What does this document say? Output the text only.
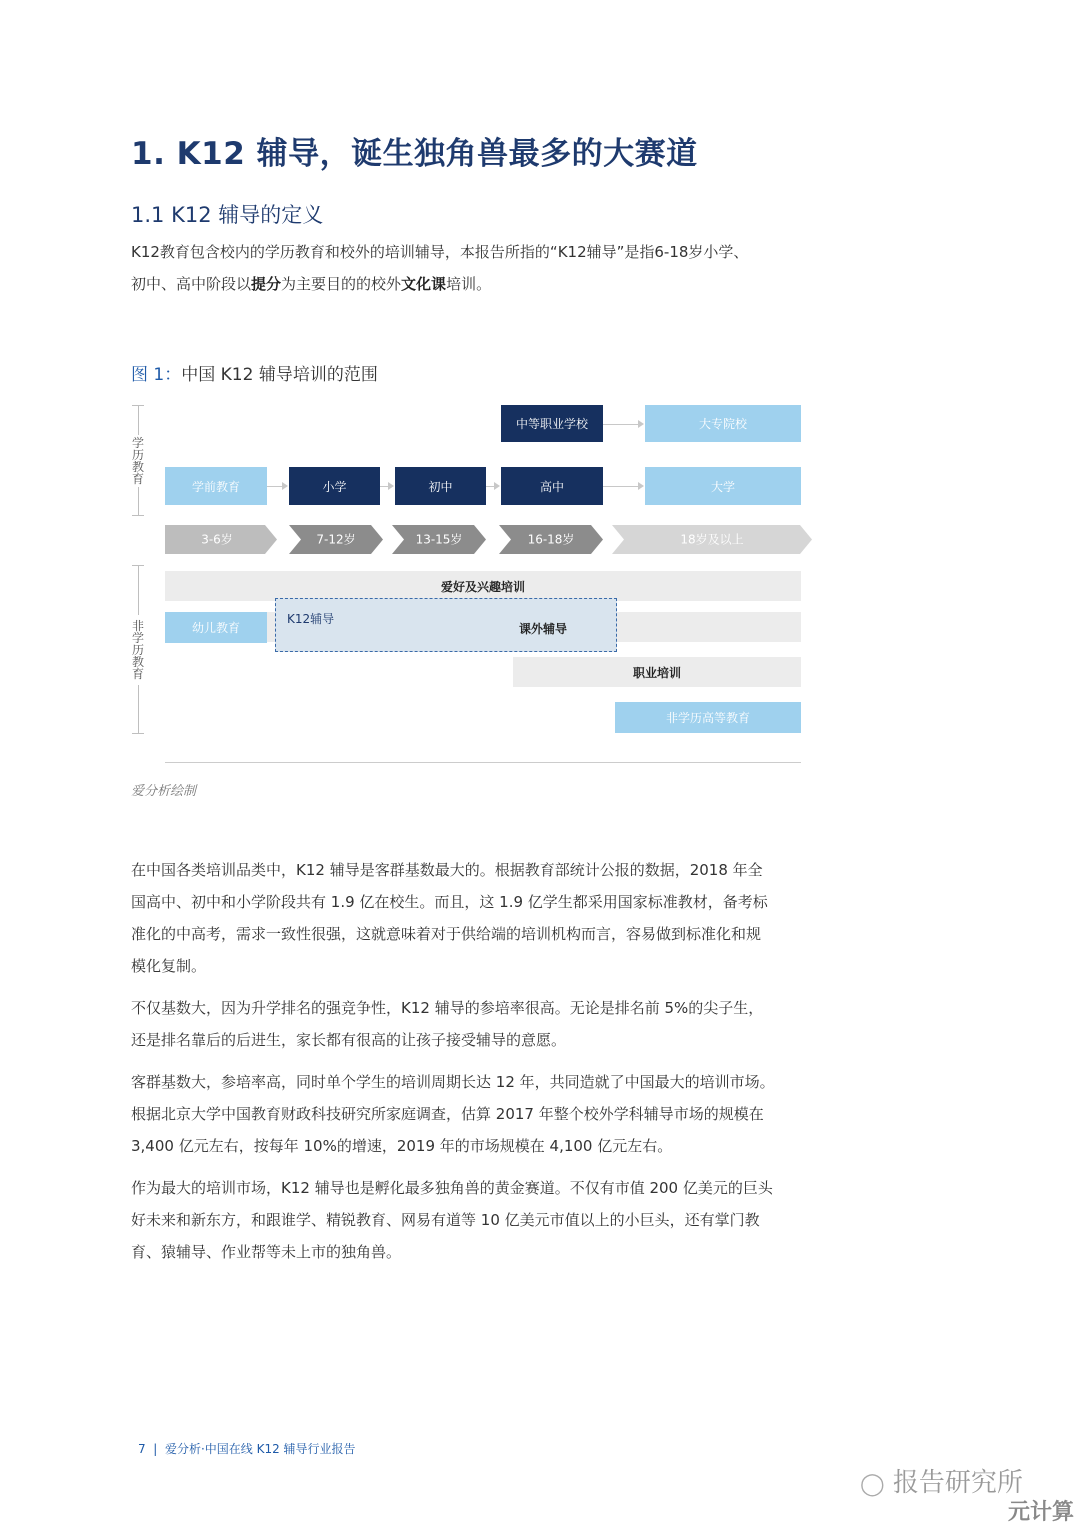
1. K12 辅导，诞生独角兽最多的大赛道
1.1 K12 辅导的定义
K12教育包含校内的学历教育和校外的培训辅导，本报告所指的“K12辅导”是指6-18岁小学、
初中、高中阶段以提分为主要目的的校外文化课培训。
图 1：中国 K12 辅导培训的范围
学
历
教
育
非
学
历
教
育
中等职业学校	大专院校
学前教育	小学	初中	高中	大学
3-6岁	7-12岁	13-15岁	16-18岁	18岁及以上
爱好及兴趣培训
K12辅导
课外辅导
幼儿教育
职业培训
非学历高等教育
爱分析绘制
在中国各类培训品类中，K12 辅导是客群基数最大的。根据教育部统计公报的数据，2018 年全
国高中、初中和小学阶段共有 1.9 亿在校生。而且，这 1.9 亿学生都采用国家标准教材，备考标
准化的中高考，需求一致性很强，这就意味着对于供给端的培训机构而言，容易做到标准化和规
模化复制。
不仅基数大，因为升学排名的强竞争性，K12 辅导的参培率很高。无论是排名前 5%的尖子生，
还是排名靠后的后进生，家长都有很高的让孩子接受辅导的意愿。
客群基数大，参培率高，同时单个学生的培训周期长达 12 年，共同造就了中国最大的培训市场。
根据北京大学中国教育财政科技研究所家庭调查，估算 2017 年整个校外学科辅导市场的规模在
3,400 亿元左右，按每年 10%的增速，2019 年的市场规模在 4,100 亿元左右。
作为最大的培训市场，K12 辅导也是孵化最多独角兽的黄金赛道。不仅有市值 200 亿美元的巨头
好未来和新东方，和跟谁学、精锐教育、网易有道等 10 亿美元市值以上的小巨头，还有掌门教
育、猿辅导、作业帮等未上市的独角兽。
7 | 爱分析·中国在线 K12 辅导行业报告
◯ 报告研究所
元计算
